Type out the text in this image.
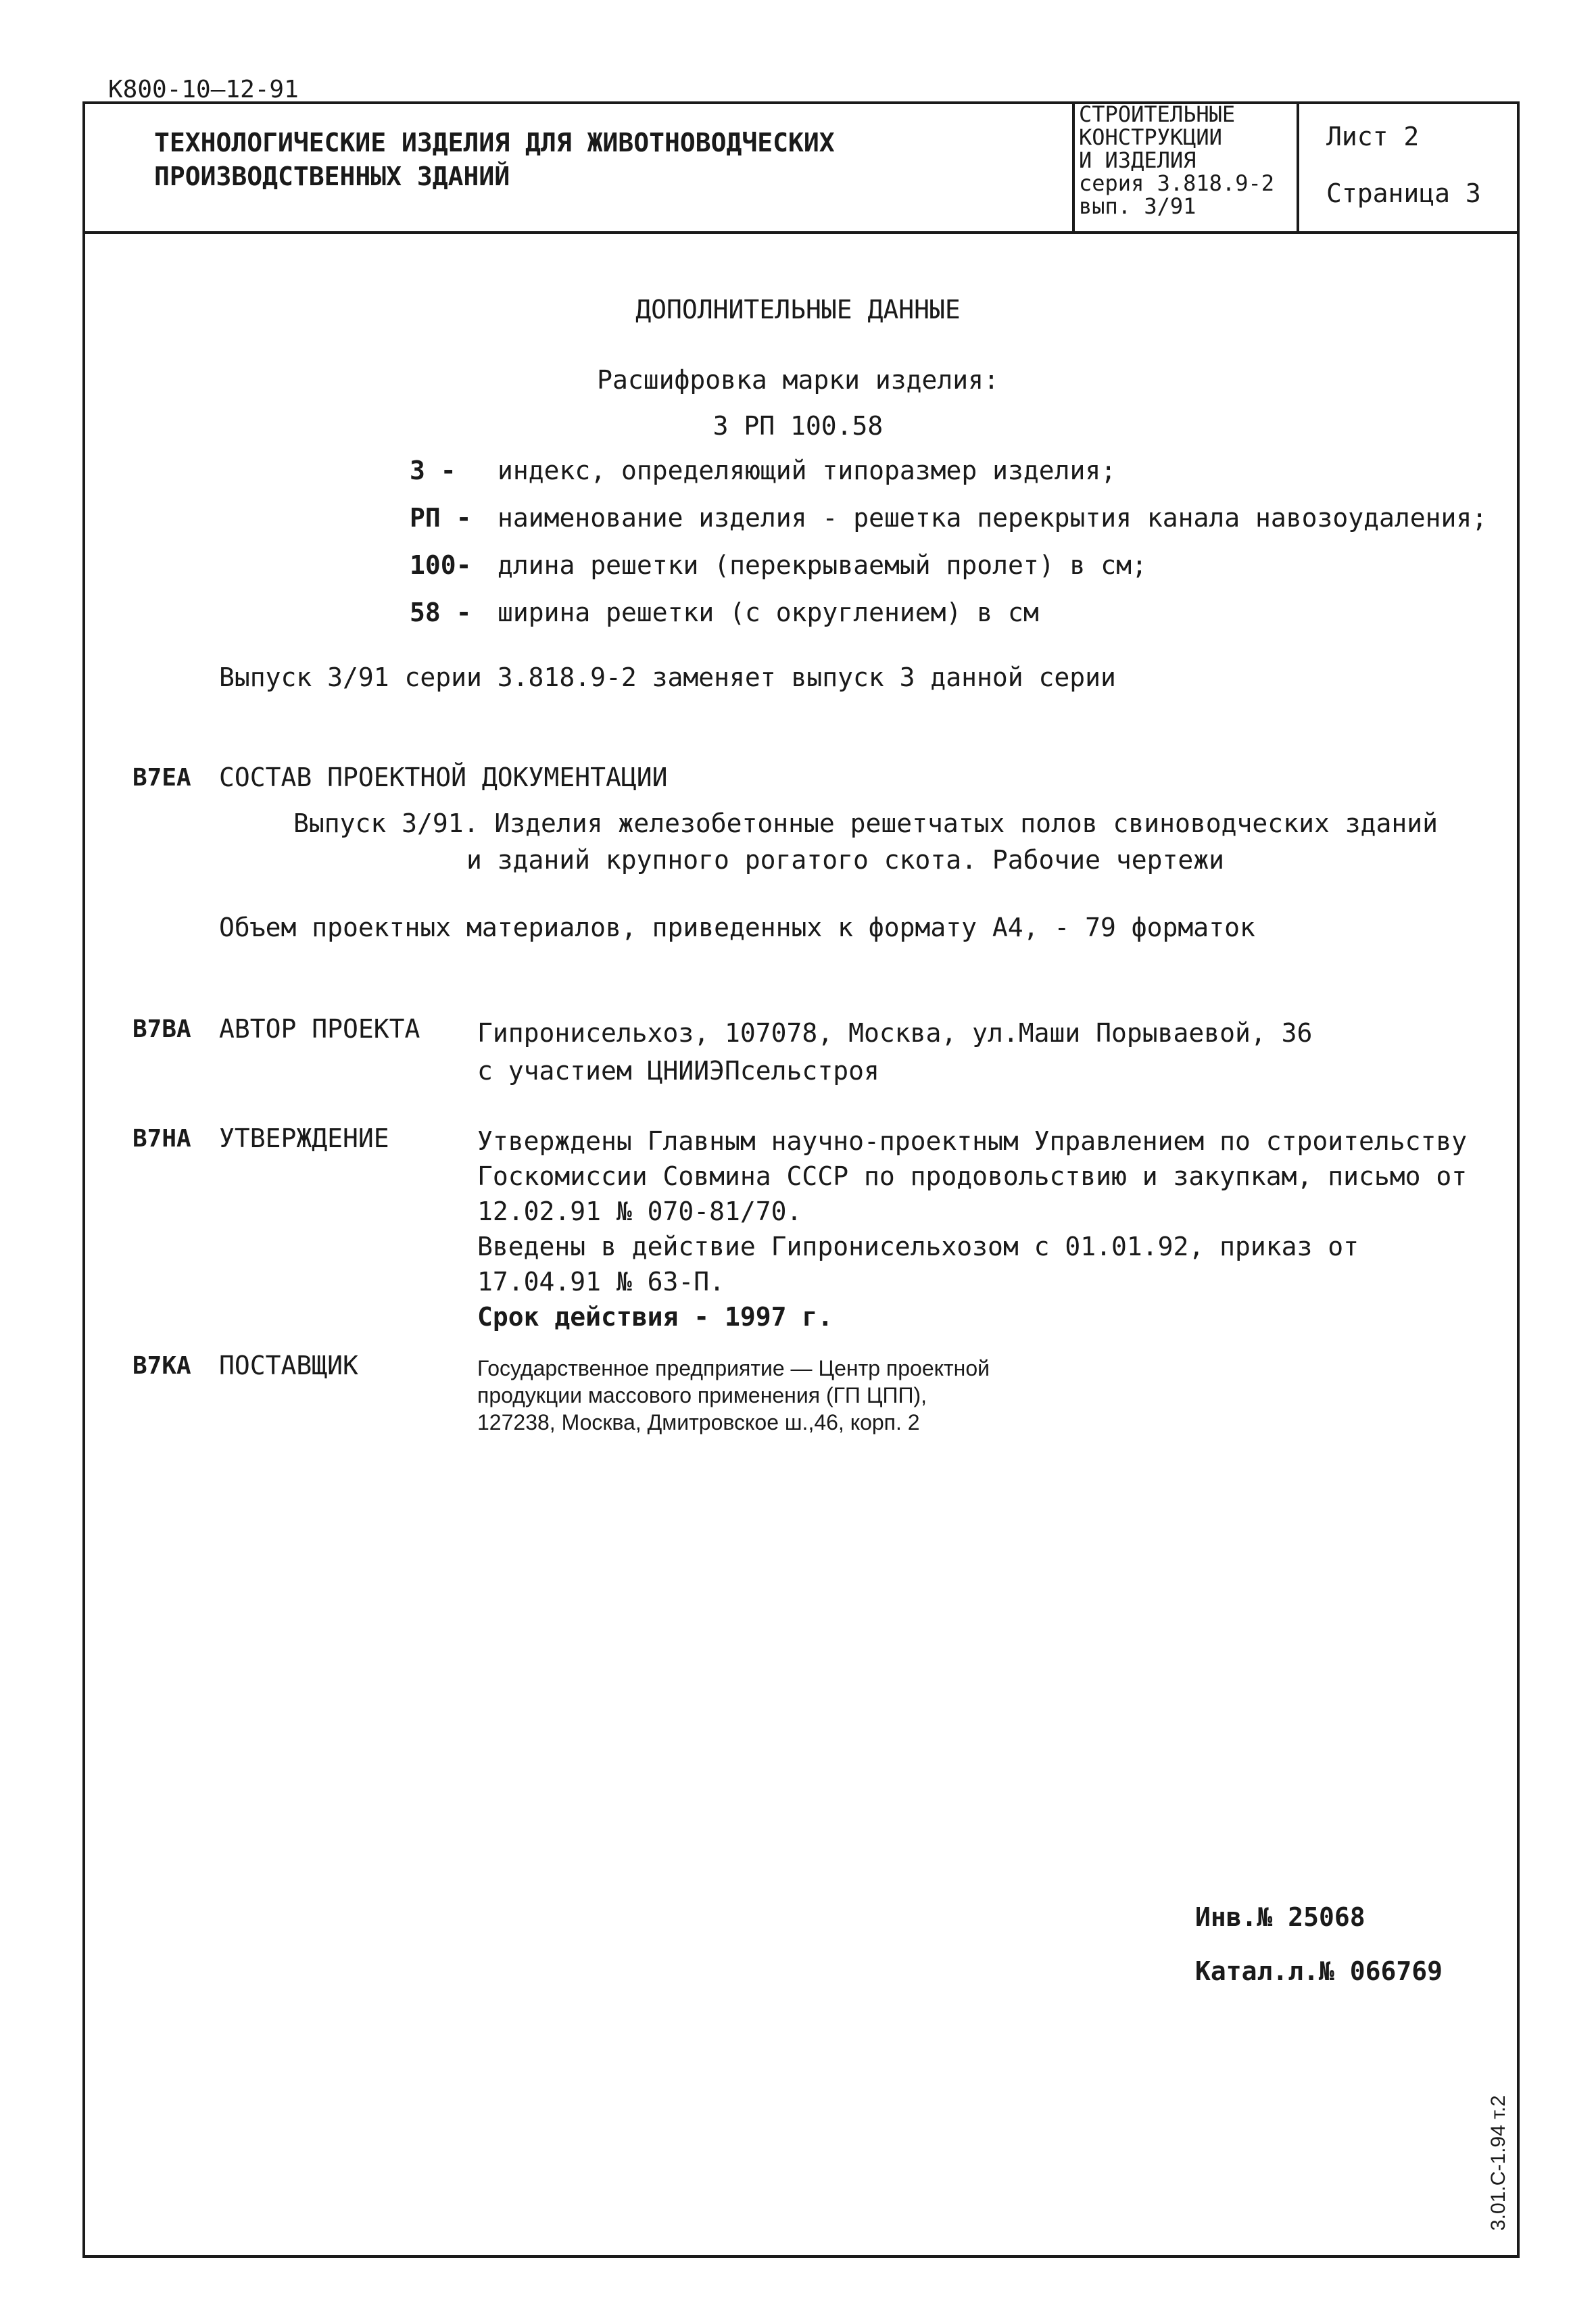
К800-10—12-91
ТЕХНОЛОГИЧЕСКИЕ ИЗДЕЛИЯ ДЛЯ ЖИВОТНОВОДЧЕСКИХ
ПРОИЗВОДСТВЕННЫХ ЗДАНИЙ
СТРОИТЕЛЬНЫЕ
КОНСТРУКЦИИ
И ИЗДЕЛИЯ
серия 3.818.9-2
вып. 3/91
Лист 2
Страница 3
ДОПОЛНИТЕЛЬНЫЕ ДАННЫЕ
Расшифровка марки изделия:
3 РП 100.58
3 - индекс, определяющий типоразмер изделия;
РП - наименование изделия - решетка перекрытия канала навозоудаления;
100- длина решетки (перекрываемый пролет) в см;
58 - ширина решетки (с округлением) в см
Выпуск 3/91 серии 3.818.9-2 заменяет выпуск 3 данной серии
В7ЕА СОСТАВ ПРОЕКТНОЙ ДОКУМЕНТАЦИИ
Выпуск 3/91. Изделия железобетонные решетчатых полов свиноводческих зданий
и зданий крупного рогатого скота. Рабочие чертежи
Объем проектных материалов, приведенных к формату А4, - 79 форматок
В7ВА АВТОР ПРОЕКТА Гипронисельхоз, 107078, Москва, ул.Маши Порываевой, 36
с участием ЦНИИЭПсельстроя
В7НА УТВЕРЖДЕНИЕ	Утверждены Главным научно-проектным Управлением по строительству
Госкомиссии Совмина СССР по продовольствию и закупкам, письмо от
12.02.91 № 070-81/70.
Введены в действие Гипронисельхозом с 01.01.92, приказ от
17.04.91 № 63-П.
Срок действия - 1997 г.
В7КА ПОСТАВЩИК	Государственное предприятие — Центр проектной
продукции массового применения (ГП ЦПП),
127238, Москва, Дмитровское ш.,46, корп. 2
Инв.№ 25068
Катал.л.№ 066769
3.01.С-1.94 т.2
